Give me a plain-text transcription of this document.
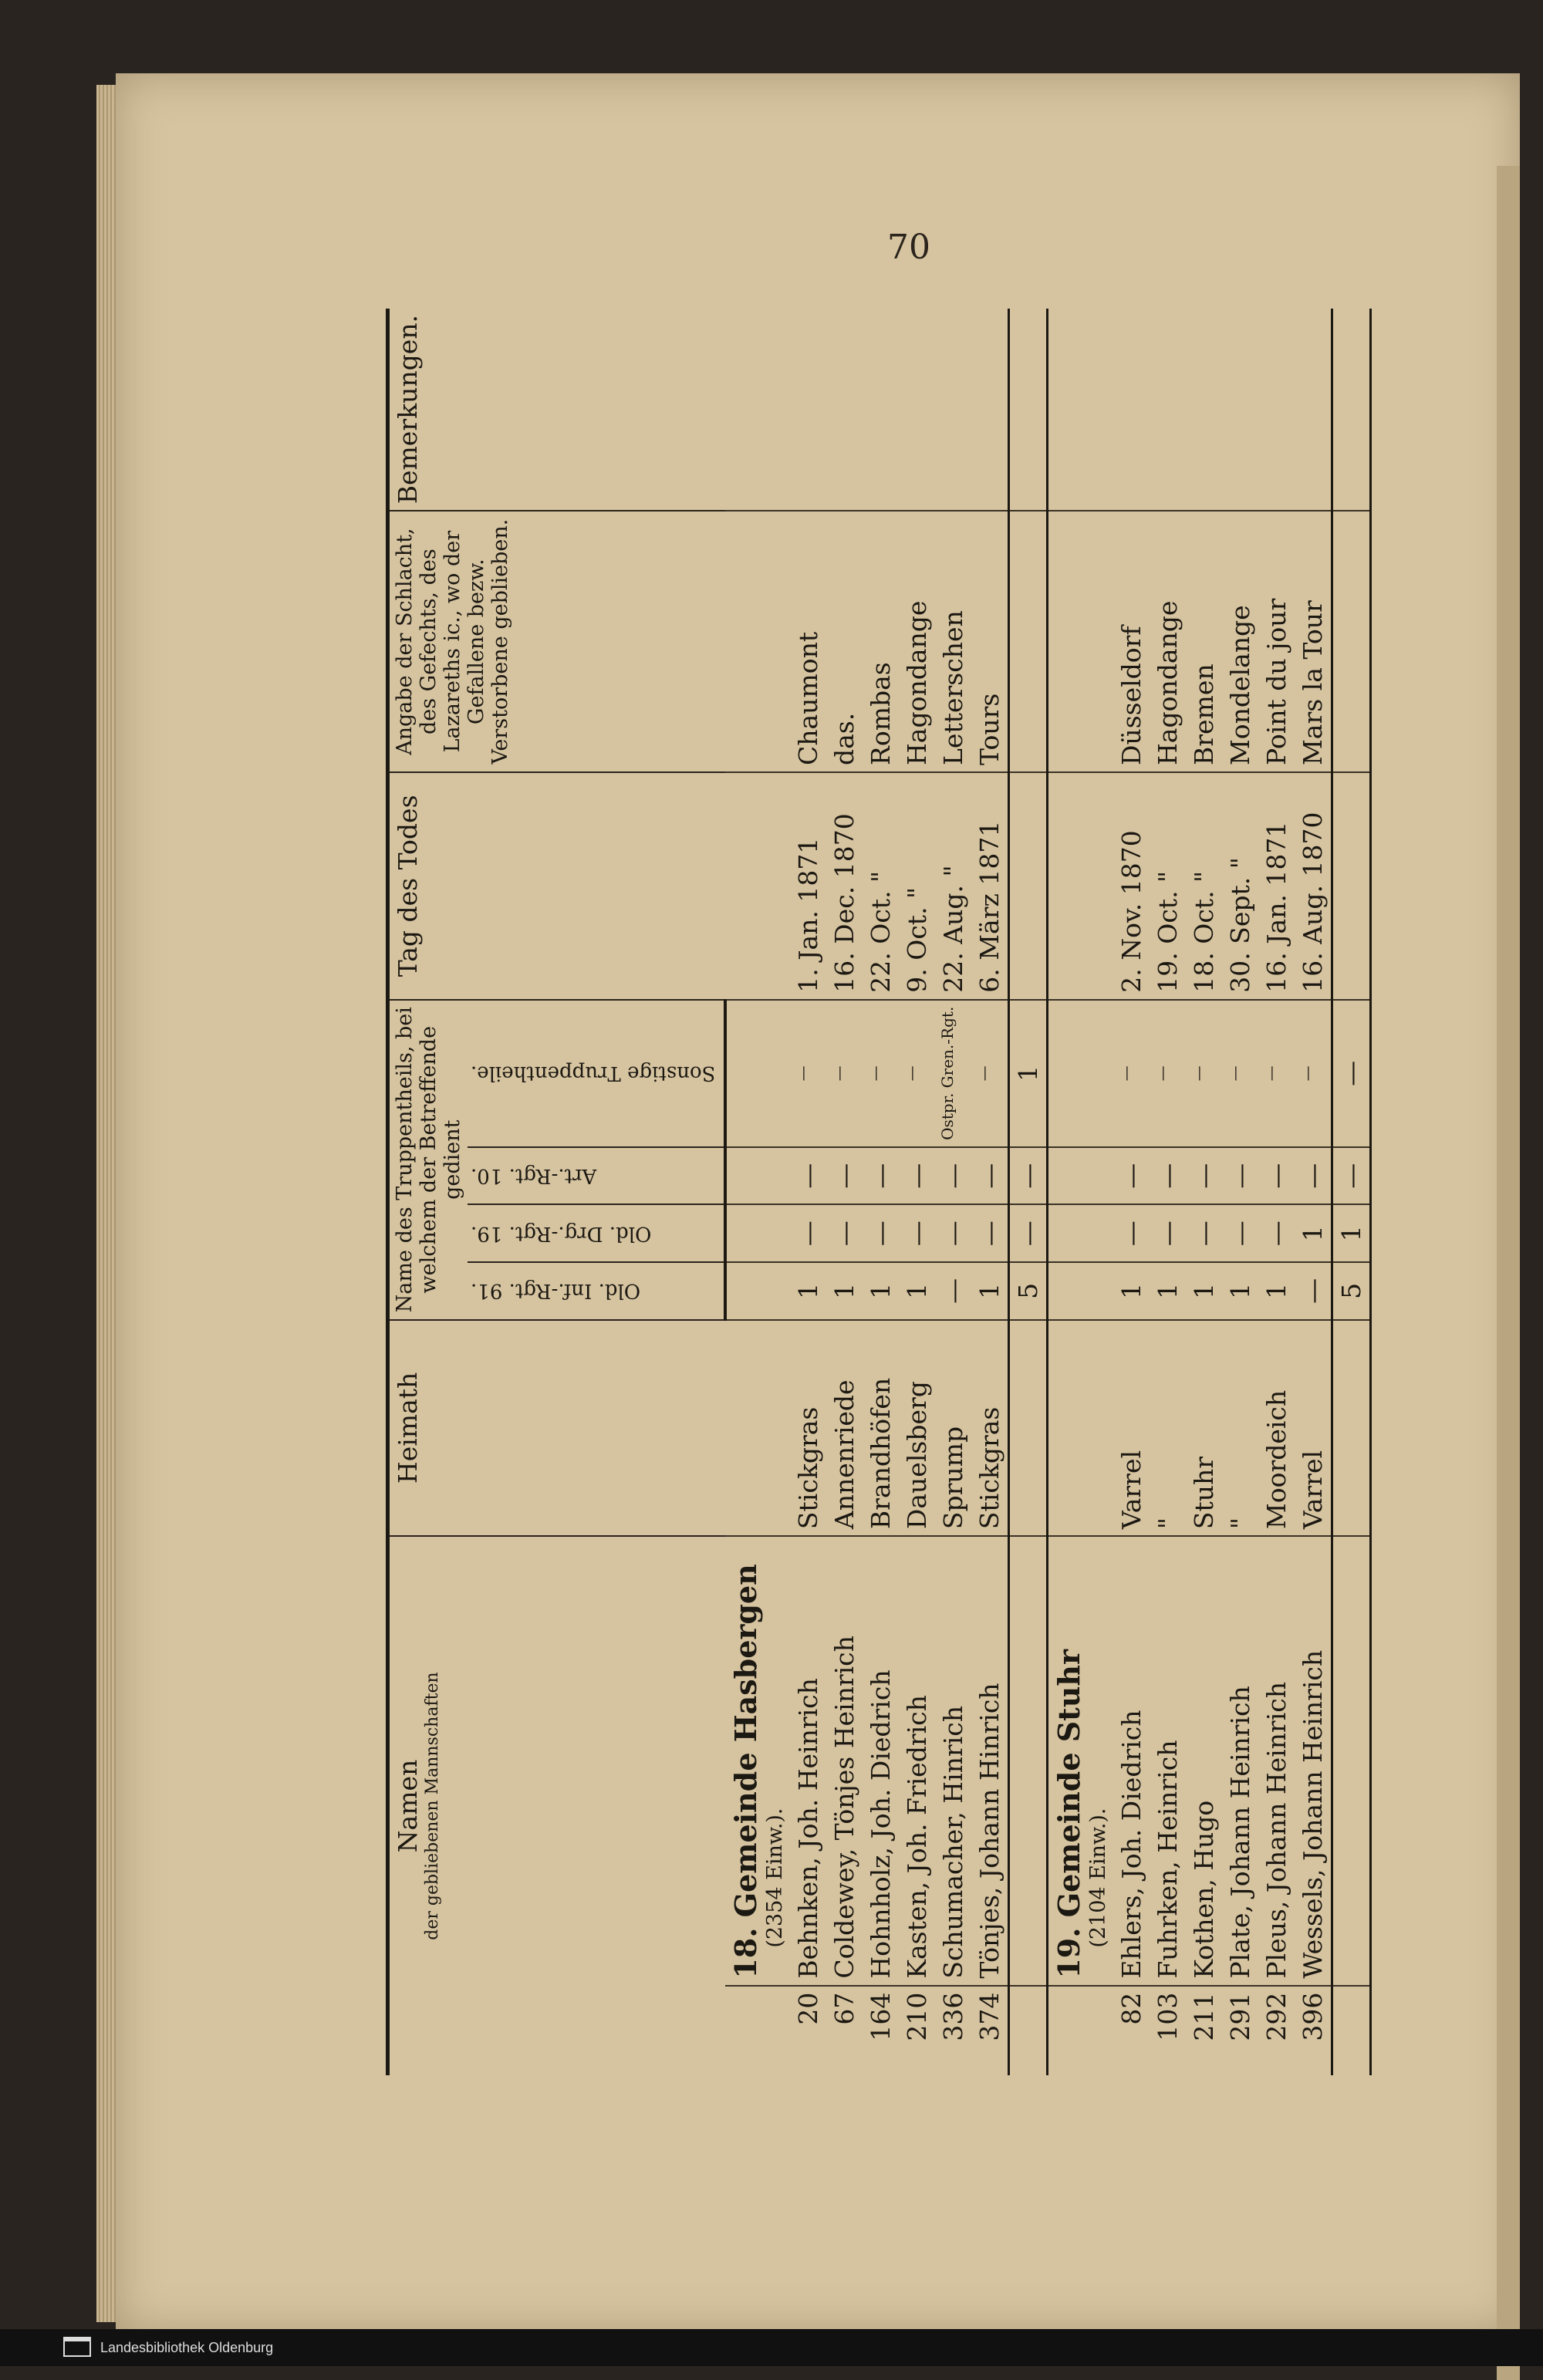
70
Namen der gebliebenen Mannschaften		Heimath	Name des Truppentheils, bei welchem der Betreffende gedient				Tag des Todes	Angabe der Schlacht, des Gefechts, des Lazareths ic., wo der Gefallene bezw. Verstorbene geblieben.	Bemerkungen.
			Old. Inf.-Rgt. 91.	Old. Drg.-Rgt. 19.	Art.-Rgt. 10.	Sonstige Truppentheile.			
	18. Gemeinde Hasbergen (2354 Einw.).								

20	Behnken, Joh. Heinrich	Stickgras	1	—	—	—	1. Jan. 1871	Chaumont	
67	Coldewey, Tönjes Heinrich	Annenriede	1	—	—	—	16. Dec. 1870	das.	
164	Hohnholz, Joh. Diedrich	Brandhöfen	1	—	—	—	22. Oct. "	Rombas	
210	Kasten, Joh. Friedrich	Dauelsberg	1	—	—	—	9. Oct. "	Hagondange	
336	Schumacher, Hinrich	Sprump	—	—	—	Ostpr. Gren.-Rgt.	22. Aug. "	Letterschen	
374	Tönjes, Johann Hinrich	Stickgras	1	—	—	—	6. März 1871	Tours	
			5	—	—	1			
	19. Gemeinde Stuhr (2104 Einw.).								

82	Ehlers, Joh. Diedrich	Varrel	1	—	—	—	2. Nov. 1870	Düsseldorf	
103	Fuhrken, Heinrich	"	1	—	—	—	19. Oct. "	Hagondange	
211	Kothen, Hugo	Stuhr	1	—	—	—	18. Oct. "	Bremen	
291	Plate, Johann Heinrich	"	1	—	—	—	30. Sept. "	Mondelange	
292	Pleus, Johann Heinrich	Moordeich	1	—	—	—	16. Jan. 1871	Point du jour	
396	Wessels, Johann Heinrich	Varrel	—	1	—	—	16. Aug. 1870	Mars la Tour	
			5	1	—	—			
Landesbibliothek Oldenburg
